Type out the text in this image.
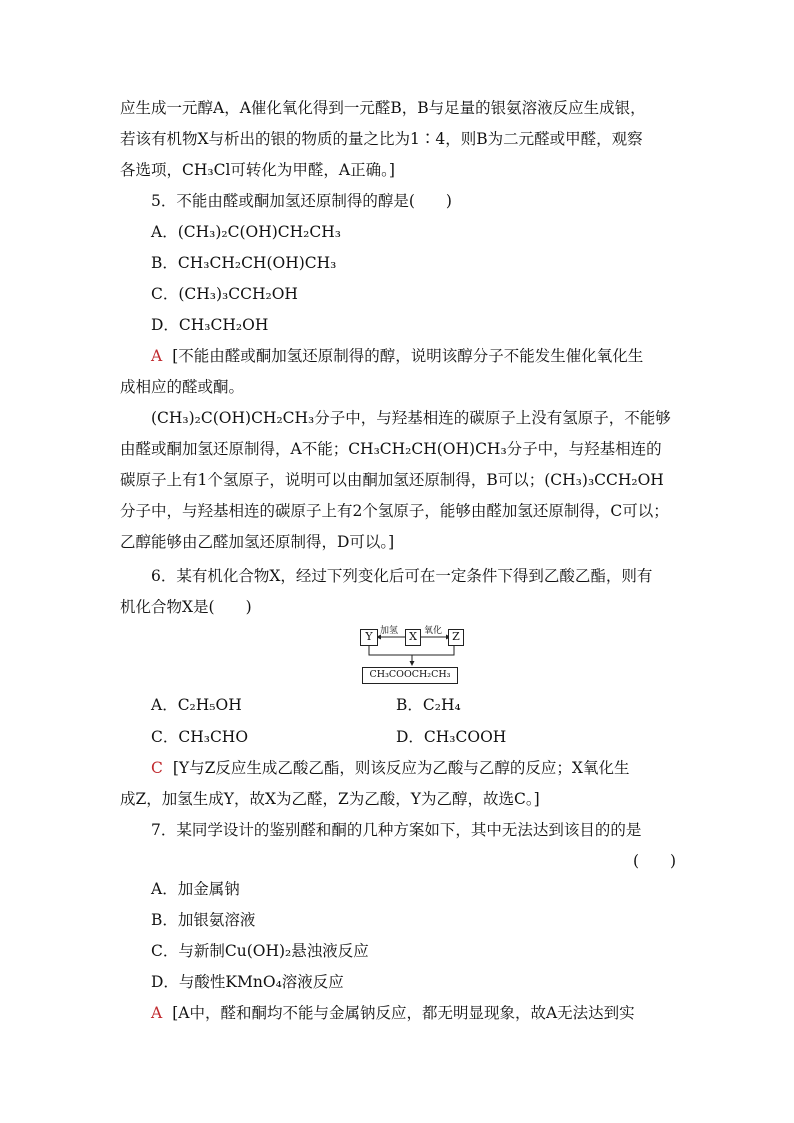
应生成一元醇A，A催化氧化得到一元醛B，B与足量的银氨溶液反应生成银，
若该有机物X与析出的银的物质的量之比为1∶4，则B为二元醛或甲醛，观察
各选项，CH₃Cl可转化为甲醛，A正确。]
5．不能由醛或酮加氢还原制得的醇是(　　)
A．(CH₃)₂C(OH)CH₂CH₃
B．CH₃CH₂CH(OH)CH₃
C．(CH₃)₃CCH₂OH
D．CH₃CH₂OH
A [不能由醛或酮加氢还原制得的醇，说明该醇分子不能发生催化氧化生
成相应的醛或酮。
(CH₃)₂C(OH)CH₂CH₃分子中，与羟基相连的碳原子上没有氢原子，不能够
由醛或酮加氢还原制得，A不能；CH₃CH₂CH(OH)CH₃分子中，与羟基相连的
碳原子上有1个氢原子，说明可以由酮加氢还原制得，B可以；(CH₃)₃CCH₂OH
分子中，与羟基相连的碳原子上有2个氢原子，能够由醛加氢还原制得，C可以；
乙醇能够由乙醛加氢还原制得，D可以。]
6．某有机化合物X，经过下列变化后可在一定条件下得到乙酸乙酯，则有
机化合物X是(　　)
Y	X	Z
加氢	氧化
CH₃COOCH₂CH₃
A．C₂H₅OH	B．C₂H₄
C．CH₃CHO	D．CH₃COOH
C [Y与Z反应生成乙酸乙酯，则该反应为乙酸与乙醇的反应；X氧化生
成Z，加氢生成Y，故X为乙醛，Z为乙酸，Y为乙醇，故选C。]
7．某同学设计的鉴别醛和酮的几种方案如下，其中无法达到该目的的是
(　　)
A．加金属钠
B．加银氨溶液
C．与新制Cu(OH)₂悬浊液反应
D．与酸性KMnO₄溶液反应
A [A中，醛和酮均不能与金属钠反应，都无明显现象，故A无法达到实
